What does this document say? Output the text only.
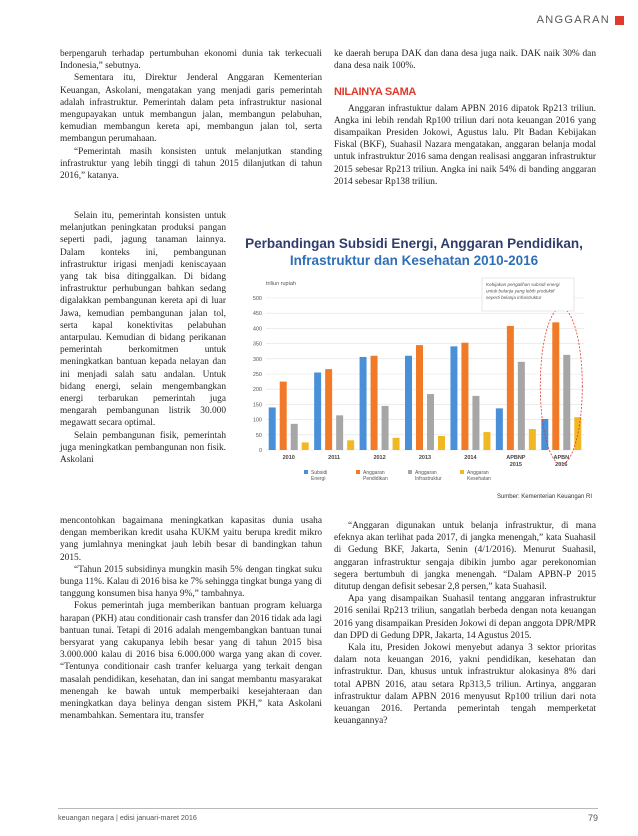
ANGGARAN

berpengaruh terhadap pertumbuhan ekonomi dunia tak terkecuali Indonesia,” sebutnya.

Sementara itu, Direktur Jenderal Anggaran Kementerian Keuangan, Askolani, mengatakan yang menjadi garis pemerintah adalah infrastruktur. Pemerintah dalam peta infrastruktur nasional mengupayakan untuk membangun jalan, membangun pelabuhan, kemudian membangun kereta api, membangun jalan tol, serta membangun perumahaan.

“Pemerintah masih konsisten untuk melanjutkan standing infrastruktur yang lebih tinggi di tahun 2015 dilanjutkan di tahun 2016,” katanya.

Selain itu, pemerintah konsisten untuk melanjutkan peningkatan produksi pangan seperti padi, jagung tanaman lainnya. Dalam konteks ini, pembangunan infrastruktur irigasi menjadi keniscayaan yang tak bisa ditinggalkan. Di bidang infrastruktur perhubungan bahkan sedang digalakkan pembangunan kereta api di luar Jawa, kemudian pembangunan jalan tol, serta kapal konektivitas pelabuhan antarpulau. Kemudian di bidang perikanan pemerintah berkomitmen untuk meningkatkan bantuan kepada nelayan dan ini menjadi salah satu andalan. Untuk bidang energi, selain mengembangkan energi terbarukan pemerintah juga mengarah pembangunan listrik 30.000 megawatt secara optimal.

Selain pembangunan fisik, pemerintah juga meningkatkan pembangunan non fisik. Askolani

mencontohkan bagaimana meningkatkan kapasitas dunia usaha dengan memberikan kredit usaha KUKM yaitu berupa kredit mikro yang jumlahnya meningkat jauh lebih besar di bandingkan tahun 2015.

“Tahun 2015 subsidinya mungkin masih 5% dengan tingkat suku bunga 11%. Kalau di 2016 bisa ke 7% sehingga tingkat bunga yang di tanggung konsumen bisa hanya 9%,” tambahnya.

Fokus pemerintah juga memberikan bantuan program keluarga harapan (PKH) atau conditionair cash transfer dan 2016 tidak ada lagi bantuan tunai. Tetapi di 2016 adalah mengembangkan bantuan tunai bersyarat yang cakupanya lebih besar yang di tahun 2015 bisa 3.000.000 kalau di 2016 bisa 6.000.000 warga yang akan di cover. “Tentunya conditionair cash tranfer keluarga yang terkait dengan masalah pendidikan, kesehatan, dan ini sangat membantu masyarakat menengah ke bawah untuk memperbaiki kesejahteraan dan meningkatkan daya belinya dengan sistem PKH,” kata Askolani menambahkan. Sementara itu, transfer

ke daerah berupa DAK dan dana desa juga naik. DAK naik 30% dan dana desa naik 100%.

NILAINYA SAMA

Anggaran infrastuktur dalam APBN 2016 dipatok Rp213 triliun. Angka ini lebih rendah Rp100 triliun dari nota keuangan 2016 yang disampaikan Presiden Jokowi, Agustus lalu. Plt Badan Kebijakan Fiskal (BKF), Suahasil Nazara mengatakan, anggaran belanja modal untuk infrastruktur 2016 sama dengan realisasi anggaran infrastruktur 2015 sebesar Rp213 triliun. Angka ini naik 54% di banding anggaran 2014 sebesar Rp138 triliun.

Perbandingan Subsidi Energi, Anggaran Pendidikan,
Infrastruktur dan Kesehatan 2010-2016
triliun rupiah
0
50
100
150
200
250
300
350
400
450
500
2010	2011	2012	2013	2014	APBNP
2015
APBN
2016
Kebijakan pengalihan subsidi energi
untuk belanja yang lebih produktif
seperti belanja infrastruktur
Subsidi
Energi
Anggaran
Pendidikan
Anggaran
Infrastruktur
Anggaran
Kesehatan
Sumber: Kementerian Keuangan RI

“Anggaran digunakan untuk belanja infrastruktur, di mana efeknya akan terlihat pada 2017, di jangka menengah,” kata Suahasil di Gedung BKF, Jakarta, Senin (4/1/2016). Menurut Suahasil, anggaran infrastruktur sengaja dibikin jumbo agar perekonomian segera bertumbuh di jangka menengah. “Dalam APBN-P 2015 ditutup dengan defisit sebesar 2,8 persen,” kata Suahasil.

Apa yang disampaikan Suahasil tentang anggaran infrastruktur 2016 senilai Rp213 triliun, sangatlah berbeda dengan nota keuangan 2016 yang disampaikan Presiden Jokowi di depan anggota DPR/MPR dan DPD di Gedung DPR, Jakarta, 14 Agustus 2015.

Kala itu, Presiden Jokowi menyebut adanya 3 sektor prioritas dalam nota keuangan 2016, yakni pendidikan, kesehatan dan infrastruktur. Dan, khusus untuk infrastruktur alokasinya 8% dari total APBN 2016, atau setara Rp313,5 triliun. Artinya, anggaran infrastruktur dalam APBN 2016 menyusut Rp100 triliun dari nota keuangan 2016. Pertanda pemerintah tengah memperketat keuangannya?

keuangan negara | edisi januari-maret 2016	79
